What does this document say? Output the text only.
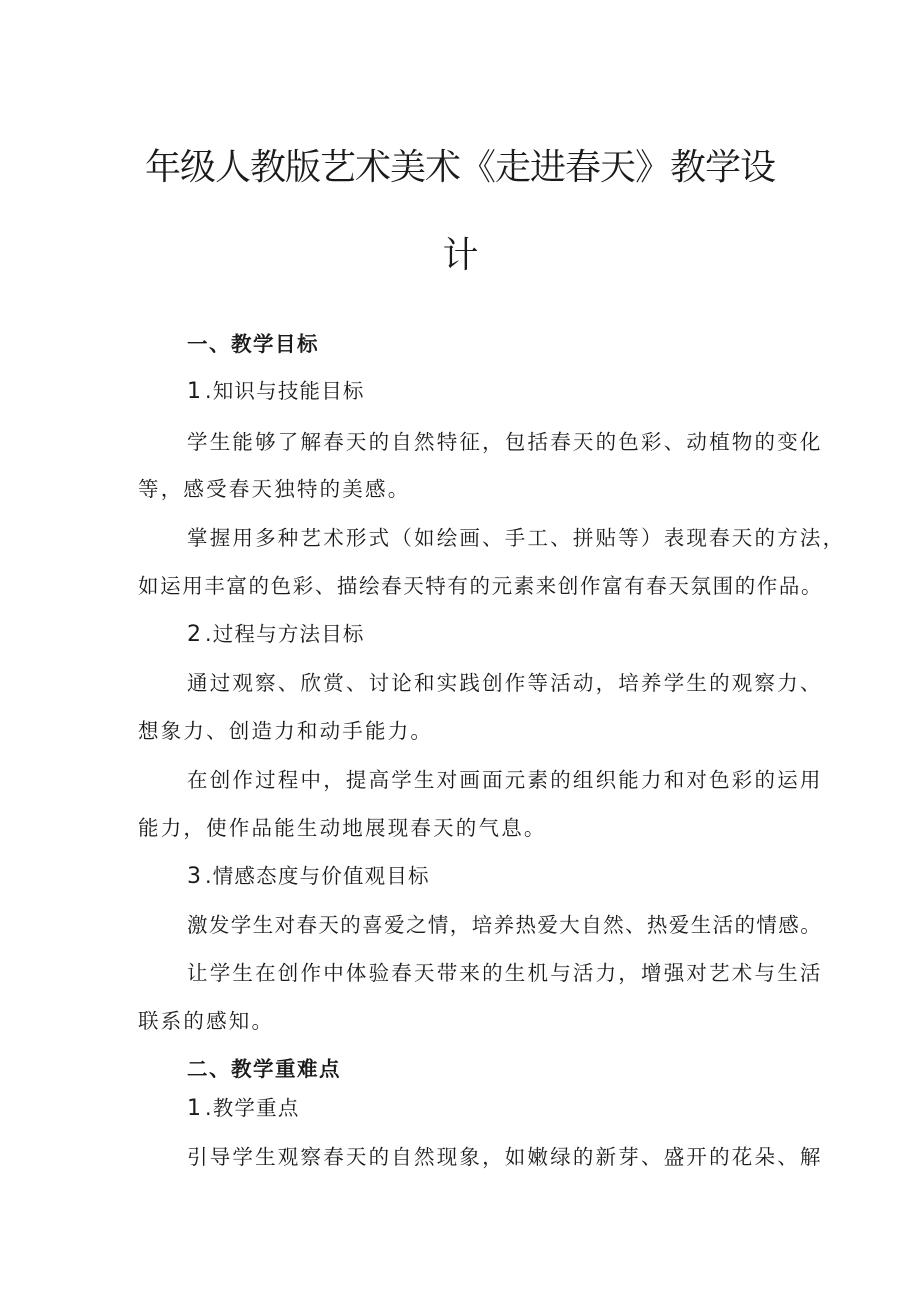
年级人教版艺术美术《走进春天》教学设
计
一、教学目标
1.知识与技能目标
学生能够了解春天的自然特征，包括春天的色彩、动植物的变化
等，感受春天独特的美感。
掌握用多种艺术形式（如绘画、手工、拼贴等）表现春天的方法，
如运用丰富的色彩、描绘春天特有的元素来创作富有春天氛围的作品。
2.过程与方法目标
通过观察、欣赏、讨论和实践创作等活动，培养学生的观察力、
想象力、创造力和动手能力。
在创作过程中，提高学生对画面元素的组织能力和对色彩的运用
能力，使作品能生动地展现春天的气息。
3.情感态度与价值观目标
激发学生对春天的喜爱之情，培养热爱大自然、热爱生活的情感。
让学生在创作中体验春天带来的生机与活力，增强对艺术与生活
联系的感知。
二、教学重难点
1.教学重点
引导学生观察春天的自然现象，如嫩绿的新芽、盛开的花朵、解
